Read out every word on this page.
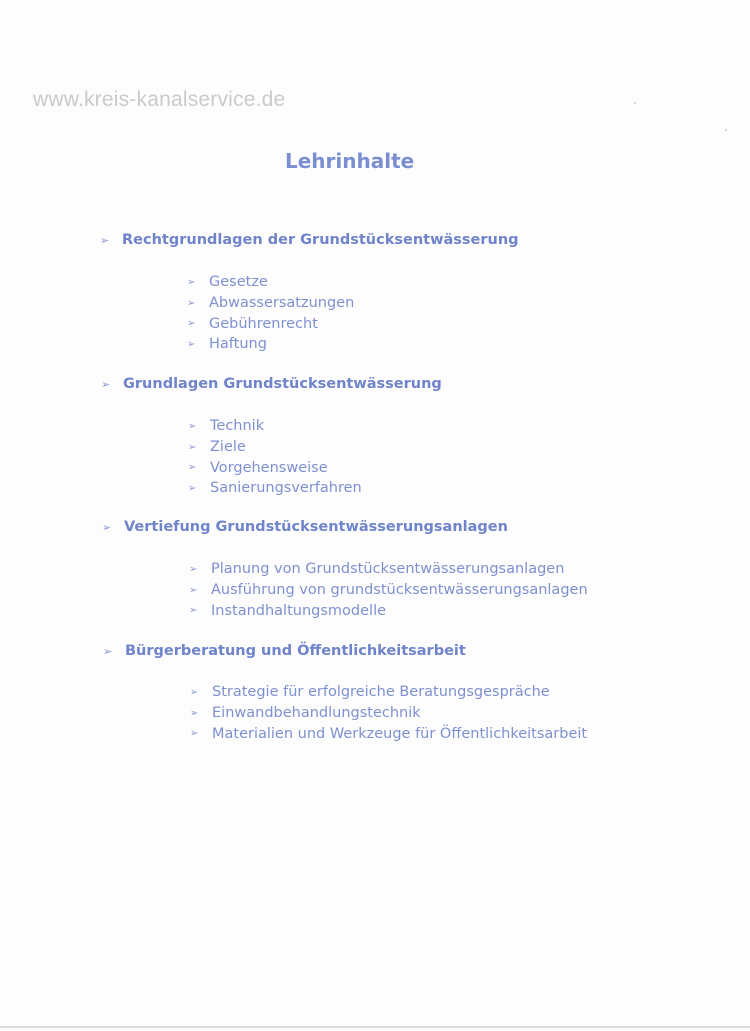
www.kreis-kanalservice.de
Lehrinhalte
➢ Rechtgrundlagen der Grundstücksentwässerung
➢ Gesetze
➢ Abwassersatzungen
➢ Gebührenrecht
➢ Haftung
➢ Grundlagen Grundstücksentwässerung
➢ Technik
➢ Ziele
➢ Vorgehensweise
➢ Sanierungsverfahren
➢ Vertiefung Grundstücksentwässerungsanlagen
➢ Planung von Grundstücksentwässerungsanlagen
➢ Ausführung von grundstücksentwässerungsanlagen
➢ Instandhaltungsmodelle
➢ Bürgerberatung und Öffentlichkeitsarbeit
➢ Strategie für erfolgreiche Beratungsgespräche
➢ Einwandbehandlungstechnik
➢ Materialien und Werkzeuge für Öffentlichkeitsarbeit
